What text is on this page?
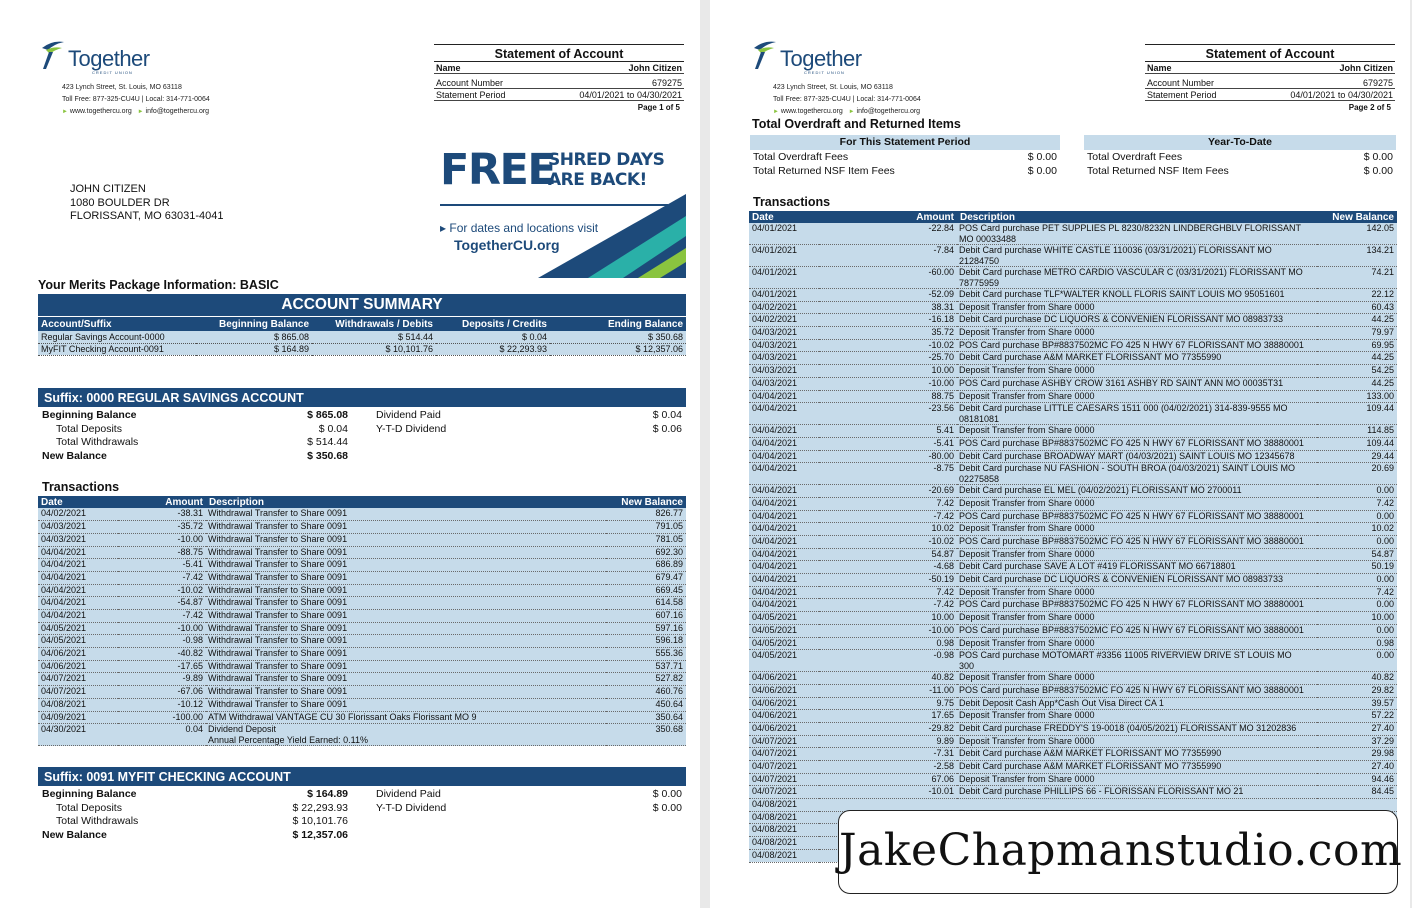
Together
CREDIT UNION
423 Lynch Street, St. Louis, MO 63118
Toll Free: 877-325-CU4U | Local: 314-771-0064
► www.togethercu.org ► info@togethercu.org
Statement of Account
Name	John Citizen
Account Number	679275
Statement Period	04/01/2021 to 04/30/2021
Page 1 of 5
JOHN CITIZEN
1080 BOULDER DR
FLORISSANT, MO 63031-4041
FREE
SHRED DAYS
ARE BACK!
▸ For dates and locations visit
TogetherCU.org
Your Merits Package Information: BASIC
ACCOUNT SUMMARY
Account/Suffix	Beginning Balance	Withdrawals / Debits	Deposits / Credits	Ending Balance
Regular Savings Account-0000	$ 865.08	$ 514.44	$ 0.04	$ 350.68
MyFIT Checking Account-0091	$ 164.89	$ 10,101.76	$ 22,293.93	$ 12,357.06
Suffix: 0000 REGULAR SAVINGS ACCOUNT
Beginning Balance	$ 865.08	Dividend Paid	$ 0.04
Total Deposits	$ 0.04	Y-T-D Dividend	$ 0.06
Total Withdrawals	$ 514.44
New Balance	$ 350.68
Transactions
Date	Amount	Description	New Balance
04/02/2021	-38.31	Withdrawal Transfer to Share 0091	826.77
04/03/2021	-35.72	Withdrawal Transfer to Share 0091	791.05
04/03/2021	-10.00	Withdrawal Transfer to Share 0091	781.05
04/04/2021	-88.75	Withdrawal Transfer to Share 0091	692.30
04/04/2021	-5.41	Withdrawal Transfer to Share 0091	686.89
04/04/2021	-7.42	Withdrawal Transfer to Share 0091	679.47
04/04/2021	-10.02	Withdrawal Transfer to Share 0091	669.45
04/04/2021	-54.87	Withdrawal Transfer to Share 0091	614.58
04/04/2021	-7.42	Withdrawal Transfer to Share 0091	607.16
04/05/2021	-10.00	Withdrawal Transfer to Share 0091	597.16
04/05/2021	-0.98	Withdrawal Transfer to Share 0091	596.18
04/06/2021	-40.82	Withdrawal Transfer to Share 0091	555.36
04/06/2021	-17.65	Withdrawal Transfer to Share 0091	537.71
04/07/2021	-9.89	Withdrawal Transfer to Share 0091	527.82
04/07/2021	-67.06	Withdrawal Transfer to Share 0091	460.76
04/08/2021	-10.12	Withdrawal Transfer to Share 0091	450.64
04/09/2021	-100.00	ATM Withdrawal VANTAGE CU 30 Florissant Oaks Florissant MO 9	350.64
04/30/2021	0.04	Dividend Deposit
Annual Percentage Yield Earned: 0.11%	350.68
Suffix: 0091 MYFIT CHECKING ACCOUNT
Beginning Balance	$ 164.89	Dividend Paid	$ 0.00
Total Deposits	$ 22,293.93	Y-T-D Dividend	$ 0.00
Total Withdrawals	$ 10,101.76
New Balance	$ 12,357.06
Together
CREDIT UNION
423 Lynch Street, St. Louis, MO 63118
Toll Free: 877-325-CU4U | Local: 314-771-0064
► www.togethercu.org ► info@togethercu.org
Statement of Account
Name	John Citizen
Account Number	679275
Statement Period	04/01/2021 to 04/30/2021
Page 2 of 5
Total Overdraft and Returned Items
For This Statement Period
Total Overdraft Fees	$ 0.00
Total Returned NSF Item Fees	$ 0.00
Year-To-Date
Total Overdraft Fees	$ 0.00
Total Returned NSF Item Fees	$ 0.00
Transactions
Date	Amount	Description	New Balance
04/01/2021	-22.84	POS Card purchase PET SUPPLIES PL 8230/8232N LINDBERGHBLV FLORISSANT
MO 00033488	142.05
04/01/2021	-7.84	Debit Card purchase WHITE CASTLE 110036 (03/31/2021) FLORISSANT MO
21284750	134.21
04/01/2021	-60.00	Debit Card purchase METRO CARDIO VASCULAR C (03/31/2021) FLORISSANT MO
78775959	74.21
04/01/2021	-52.09	Debit Card purchase TLF*WALTER KNOLL FLORIS SAINT LOUIS MO 95051601	22.12
04/02/2021	38.31	Deposit Transfer from Share 0000	60.43
04/02/2021	-16.18	Debit Card purchase DC LIQUORS & CONVENIEN FLORISSANT MO 08983733	44.25
04/03/2021	35.72	Deposit Transfer from Share 0000	79.97
04/03/2021	-10.02	POS Card purchase BP#8837502MC FO 425 N HWY 67 FLORISSANT MO 38880001	69.95
04/03/2021	-25.70	Debit Card purchase A&M MARKET FLORISSANT MO 77355990	44.25
04/03/2021	10.00	Deposit Transfer from Share 0000	54.25
04/03/2021	-10.00	POS Card purchase ASHBY CROW 3161 ASHBY RD SAINT ANN MO 00035T31	44.25
04/04/2021	88.75	Deposit Transfer from Share 0000	133.00
04/04/2021	-23.56	Debit Card purchase LITTLE CAESARS 1511 000 (04/02/2021) 314-839-9555 MO
08181081	109.44
04/04/2021	5.41	Deposit Transfer from Share 0000	114.85
04/04/2021	-5.41	POS Card purchase BP#8837502MC FO 425 N HWY 67 FLORISSANT MO 38880001	109.44
04/04/2021	-80.00	Debit Card purchase BROADWAY MART (04/03/2021) SAINT LOUIS MO 12345678	29.44
04/04/2021	-8.75	Debit Card purchase NU FASHION - SOUTH BROA (04/03/2021) SAINT LOUIS MO
02275858	20.69
04/04/2021	-20.69	Debit Card purchase EL MEL (04/02/2021) FLORISSANT MO 2700011	0.00
04/04/2021	7.42	Deposit Transfer from Share 0000	7.42
04/04/2021	-7.42	POS Card purchase BP#8837502MC FO 425 N HWY 67 FLORISSANT MO 38880001	0.00
04/04/2021	10.02	Deposit Transfer from Share 0000	10.02
04/04/2021	-10.02	POS Card purchase BP#8837502MC FO 425 N HWY 67 FLORISSANT MO 38880001	0.00
04/04/2021	54.87	Deposit Transfer from Share 0000	54.87
04/04/2021	-4.68	Debit Card purchase SAVE A LOT #419 FLORISSANT MO 66718801	50.19
04/04/2021	-50.19	Debit Card purchase DC LIQUORS & CONVENIEN FLORISSANT MO 08983733	0.00
04/04/2021	7.42	Deposit Transfer from Share 0000	7.42
04/04/2021	-7.42	POS Card purchase BP#8837502MC FO 425 N HWY 67 FLORISSANT MO 38880001	0.00
04/05/2021	10.00	Deposit Transfer from Share 0000	10.00
04/05/2021	-10.00	POS Card purchase BP#8837502MC FO 425 N HWY 67 FLORISSANT MO 38880001	0.00
04/05/2021	0.98	Deposit Transfer from Share 0000	0.98
04/05/2021	-0.98	POS Card purchase MOTOMART #3356 11005 RIVERVIEW DRIVE ST LOUIS MO
300	0.00
04/06/2021	40.82	Deposit Transfer from Share 0000	40.82
04/06/2021	-11.00	POS Card purchase BP#8837502MC FO 425 N HWY 67 FLORISSANT MO 38880001	29.82
04/06/2021	9.75	Debit Deposit Cash App*Cash Out Visa Direct CA 1	39.57
04/06/2021	17.65	Deposit Transfer from Share 0000	57.22
04/06/2021	-29.82	Debit Card purchase FREDDY'S 19-0018 (04/05/2021) FLORISSANT MO 31202836	27.40
04/07/2021	9.89	Deposit Transfer from Share 0000	37.29
04/07/2021	-7.31	Debit Card purchase A&M MARKET FLORISSANT MO 77355990	29.98
04/07/2021	-2.58	Debit Card purchase A&M MARKET FLORISSANT MO 77355990	27.40
04/07/2021	67.06	Deposit Transfer from Share 0000	94.46
04/07/2021	-10.01	Debit Card purchase PHILLIPS 66 - FLORISSAN FLORISSANT MO 21	84.45
04/08/2021		

04/08/2021		

04/08/2021		

04/08/2021		

04/08/2021		
	JakeChapmanstudio.com
